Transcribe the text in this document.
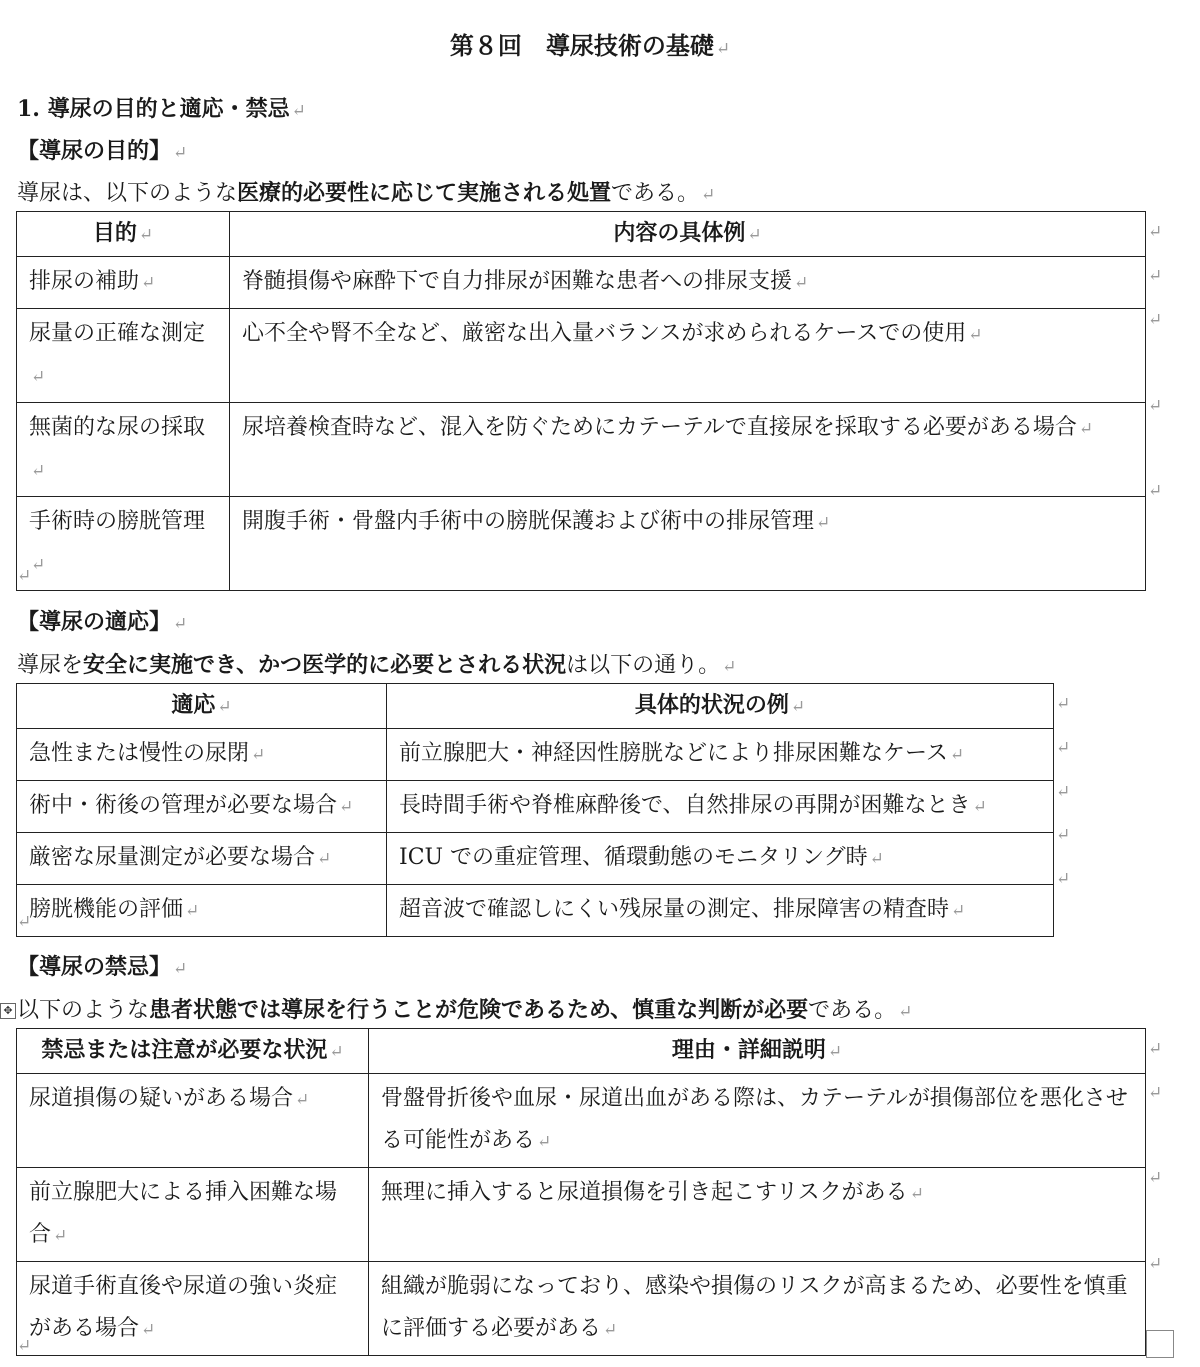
第８回　導尿技術の基礎 ↵
1. 導尿の目的と適応・禁忌 ↵
【導尿の目的】 ↵
導尿は、以下のような医療的必要性に応じて実施される処置である。 ↵
目的 ↵	内容の具体例 ↵
排尿の補助 ↵	脊髄損傷や麻酔下で自力排尿が困難な患者への排尿支援 ↵
尿量の正確な測定↵	心不全や腎不全など、厳密な出入量バランスが求められるケースでの使用 ↵
無菌的な尿の採取↵	尿培養検査時など、混入を防ぐためにカテーテルで直接尿を採取する必要がある場合 ↵
手術時の膀胱管理↵	開腹手術・骨盤内手術中の膀胱保護および術中の排尿管理 ↵
↵
↵
↵
↵
↵
↵
【導尿の適応】 ↵
導尿を安全に実施でき、かつ医学的に必要とされる状況は以下の通り。 ↵
適応 ↵	具体的状況の例 ↵
急性または慢性の尿閉 ↵	前立腺肥大・神経因性膀胱などにより排尿困難なケース ↵
術中・術後の管理が必要な場合 ↵	長時間手術や脊椎麻酔後で、自然排尿の再開が困難なとき ↵
厳密な尿量測定が必要な場合 ↵	ICU での重症管理、循環動態のモニタリング時 ↵
膀胱機能の評価 ↵	超音波で確認しにくい残尿量の測定、排尿障害の精査時 ↵
↵
↵
↵
↵
↵
↵
【導尿の禁忌】 ↵
✥ 以下のような患者状態では導尿を行うことが危険であるため、慎重な判断が必要である。 ↵
禁忌または注意が必要な状況 ↵	理由・詳細説明 ↵
尿道損傷の疑いがある場合 ↵	骨盤骨折後や血尿・尿道出血がある際は、カテーテルが損傷部位を悪化させる可能性がある ↵
前立腺肥大による挿入困難な場合 ↵	無理に挿入すると尿道損傷を引き起こすリスクがある ↵
尿道手術直後や尿道の強い炎症がある場合 ↵	組織が脆弱になっており、感染や損傷のリスクが高まるため、必要性を慎重に評価する必要がある ↵
↵
↵
↵
↵
↵
